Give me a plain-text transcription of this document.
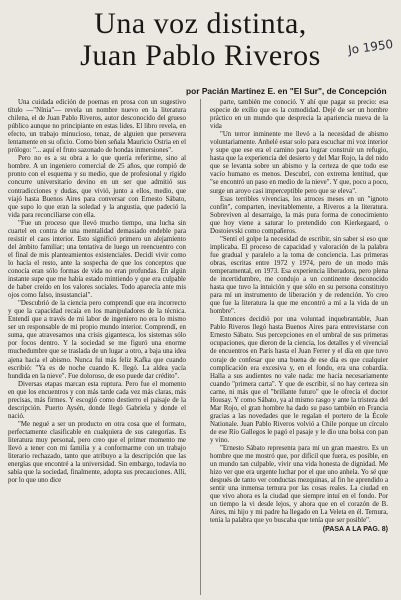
Una voz distinta,
Juan Pablo Riveros	Jo 1950
por Pacián Martínez E. en "El Sur", de Concepción

Una cuidada edición de poemas en prosa con un sugestivo título —"Nínia"— revela un nombre nuevo en la literatura chilena, el de Juan Pablo Riveros, autor desconocido del grueso público aunque no principiante en estas lides. El libro revela, en efecto, un trabajo minucioso, tenaz, de alguien que persevera lentamente en su oficio. Como bien señala Mauricio Ostria en el prólogo: "... aquí el fruto sazonado de hondas inmersiones".

Pero no es a su obra a lo que quería referirme, sino al hombre. A un ingeniero comercial de 25 años, que rompió de pronto con el esquema y su medio, que de profesional y rígido concurre universitario devino en un ser que admitió sus contradicciones y dudas, que vivió, junto a ellos, medio, que viajó hasta Buenos Aires para conversar con Ernesto Sábato, que supo lo que eran la soledad y la angustia, que padeció la vida para reconciliarse con ella.

"Fue un proceso que llevó mucho tiempo, una lucha sin cuartel en contra de una mentalidad demasiado endeble para resistir el caos interior. Esto significó primero un alejamiento del ámbito familiar; una tentativa de luego un reencuentro con el final de mis planteamientos existenciales. Decidí vivir como lo hacía el resto, ante la sospecha de que los conceptos que conocía eran sólo formas de vida no eran profundas. En algún instante supe que me había estado mintiendo y que era culpable de haber creído en los valores sociales. Todo aparecía ante mis ojos como falso, insustancial".

"Descubrió de la ciencia pero comprendí que era incorrecto y que la capacidad recaía en los manipuladores de la técnica. Entendí que a través de mi labor de ingeniero no era lo mismo ser un responsable de mi propio mundo interior. Comprendí, en suma, que atravesamos una crisis gigantesca, los sistemas sólo por focos dentro. Y la sociedad se me figuró una enorme muchedumbre que se traslada de un lugar a otro, a baja una idea ajena hacia el abismo. Nunca fui más feliz Kafka que cuando escribió: "Ya es de noche cuando K. llegó. La aldea yacía hundida en la nieve". Fue doloroso, de eso puede dar crédito".

Diversas etapas marcan esta ruptura. Pero fue el momento en que los encuentros y con más tarde cada vez más claras, más precisas, más firmes. Y escogió como destierro el paisaje de la descripción. Puerto Aysén, donde llegó Gabriela y donde el nació.

"Me negué a ser un producto en otra cosa que el formato, perfectamente clasificable en cualquiera de sus categorías. Es literatura muy personal, pero creo que el primer momento me llevó a tener con mi familia y a conformarme con un trabajo literario rechazado, tanto que atribuyo a la descripción que las energías que encontré a la universidad. Sin embargo, todavía no sabía que la sociedad, finalmente, adopta sus precauciones. Allí, por lo que uno dice

parte, también me conoció. Y ahí que pagar su precio: esa especie de exilio que es la comodidad. Dejé de ser un hombre práctico en un mundo que desprecia la apariencia nueva de la vida

"Un terror inminente me llevó a la necesidad de abismo voluntariamente. Anhelé estar solo para escuchar mi voz interior y supe que ese era el camino para lograr construir un refugio, hasta que la experiencia del desierto y del Mar Rojo, la del nido que se levanta sobre un abismo y la certeza de que todo ese vacío humano es menos. Descubrí, con extrema lentitud, que "se encontró un paso en medio de la nieve". Y que, poco a poco, surge un aroyo casi imperceptible pero que se eleva".

Esas terribles vivencias, los atroces meses en un "ignoto confín", comparten, inevitablemente, a Riveros a la literatura. Sobreviven al desarraigo, la más pura forma de conocimiento que hoy viene a saturar lo pretendido con Kierkegaard, o Dostoievski como compañeros.

"Sentí el golpe la necesidad de escribir, sin saber si eso que implicaba. El proceso de capacidad y valoración de la palabra fue gradual y paralelo a la toma de conciencia. Las primeras obras, escritas entre 1972 y 1974, pero de un modo más temperamental, en 1973. Esa experiencia liberadora, pero plena de incertidumbre, me condujo a un continente desconocido hasta que tuvo la intuición y que sólo en su persona constituyo para mí un instrumento de liberación y de redención. Yo creo que fue la literatura la que me encontró a mí a la vida de un hombre".

Entonces decidió por una voluntad inquebrantable, Juan Pablo Riveros llegó hasta Buenos Aires para entrevistarse con Ernesto Sábato. Sus percepciones en el umbral de sus primeras ocupaciones, que dieron de la ciencia, los detalles y el vivencial de encuentros en París hasta el Juan Ferrer y el día en que tuvo coraje de confesar que una buena de ese día es que cualquier complicación era excesiva y, en el fondo, era una cobardía. Halla a sus audientes no vale nada: me hacía necesariamente cuando "primera carta". Y que de escribir, sí no hay certeza sin carne, ni más que el "brillante futuro" que le ofrecía el doctor Housay. Y como Sábato, ya al mismo rasgo y ante la tristeza del Mar Rojo, el gran hombre ha dado su paso también en Francia gracias a las novedades que le regalan el portero de la École Nationale. Juan Pablo Riveros volvió a Chile porque un círculo de ese Río Gallegos le pagó el pasaje y le dio una bolsa con pan y vino.

"Ernesto Sábato representa para mí un gran maestro. Es un hombre que me mostró que, por difícil que fuera, es posible, en un mundo tan culpable, vivir una vida honesta de dignidad. Me hizo ver que era urgente luchar por el que uno anhela. Yo sé que después de tanto ver conductas mezquinas, al fin he aprendido a sentir una inmensa ternura por las cosas reales. La ciudad en que vivo ahora es la ciudad que siempre intuí en el fondo. Por un tiempo la vi desde lejos, y ahora que en el corazón de B. Aires, mi hijo y mi padre ha llegado en La Veleta en él. Ternura, tenía la palabra que yo buscaba que tenía que ser posible".

(PASA A LA PAG. 8)
